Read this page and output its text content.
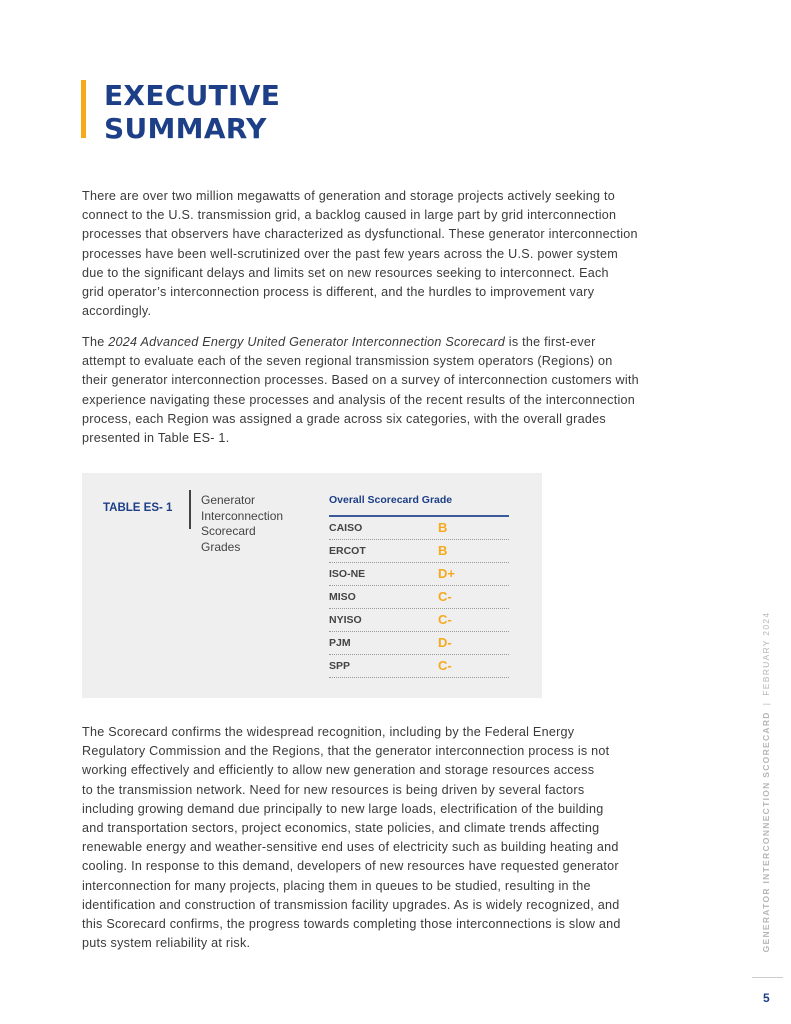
EXECUTIVE
SUMMARY

There are over two million megawatts of generation and storage projects actively seeking to
connect to the U.S. transmission grid, a backlog caused in large part by grid interconnection
processes that observers have characterized as dysfunctional. These generator interconnection
processes have been well-scrutinized over the past few years across the U.S. power system
due to the significant delays and limits set on new resources seeking to interconnect. Each
grid operator’s interconnection process is different, and the hurdles to improvement vary
accordingly.

The 2024 Advanced Energy United Generator Interconnection Scorecard is the first-ever
attempt to evaluate each of the seven regional transmission system operators (Regions) on
their generator interconnection processes. Based on a survey of interconnection customers with
experience navigating these processes and analysis of the recent results of the interconnection
process, each Region was assigned a grade across six categories, with the overall grades
presented in Table ES- 1.

TABLE ES- 1
Generator
Interconnection
Scorecard
Grades
Overall Scorecard Grade
CAISO	B
ERCOT	B
ISO-NE	D+
MISO	C-
NYISO	C-
PJM	D-
SPP	C-

The Scorecard confirms the widespread recognition, including by the Federal Energy
Regulatory Commission and the Regions, that the generator interconnection process is not
working effectively and efficiently to allow new generation and storage resources access
to the transmission network. Need for new resources is being driven by several factors
including growing demand due principally to new large loads, electrification of the building
and transportation sectors, project economics, state policies, and climate trends affecting
renewable energy and weather-sensitive end uses of electricity such as building heating and
cooling. In response to this demand, developers of new resources have requested generator
interconnection for many projects, placing them in queues to be studied, resulting in the
identification and construction of transmission facility upgrades. As is widely recognized, and
this Scorecard confirms, the progress towards completing those interconnections is slow and
puts system reliability at risk.	GENERATOR INTERCONNECTION SCORECARD|FEBRUARY 2024
5
